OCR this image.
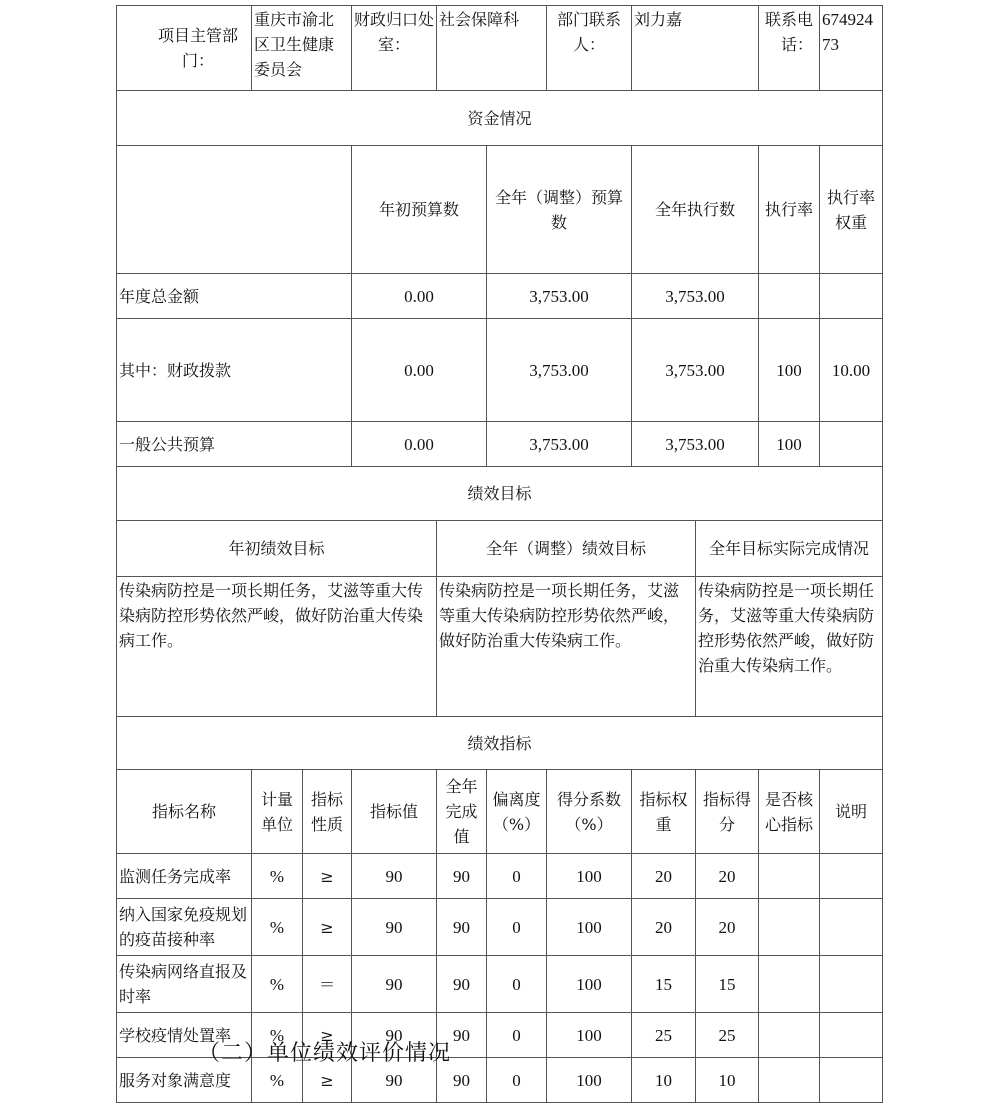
项目主管部门：	重庆市渝北区卫生健康委员会		财政归口处室：	社会保障科		部门联系人：	刘力嘉		联系电话：	67492473	
资金情况											
			年初预算数		全年（调整）预算数		全年执行数		执行率	执行率权重	
年度总金额			0.00		3,753.00		3,753.00				
其中：财政拨款			0.00		3,753.00		3,753.00		100	10.00	
一般公共预算			0.00		3,753.00		3,753.00		100		
绩效目标											
年初绩效目标				全年（调整）绩效目标				全年目标实际完成情况			
传染病防控是一项长期任务，艾滋等重大传染病防控形势依然严峻，做好防治重大传染病工作。				传染病防控是一项长期任务，艾滋等重大传染病防控形势依然严峻，做好防治重大传染病工作。				传染病防控是一项长期任务，艾滋等重大传染病防控形势依然严峻，做好防治重大传染病工作。			
绩效指标											
指标名称	计量单位	指标性质	指标值	全年完成值	偏离度（%）	得分系数（%）	指标权重	指标得分	是否核心指标	说明	
监测任务完成率	%	≥	90	90	0	100	20	20			
纳入国家免疫规划的疫苗接种率	%	≥	90	90	0	100	20	20			
传染病网络直报及时率	%	＝	90	90	0	100	15	15			
学校疫情处置率	%	≥	90	90	0	100	25	25			
服务对象满意度	%	≥	90	90	0	100	10	10			
（二）单位绩效评价情况
